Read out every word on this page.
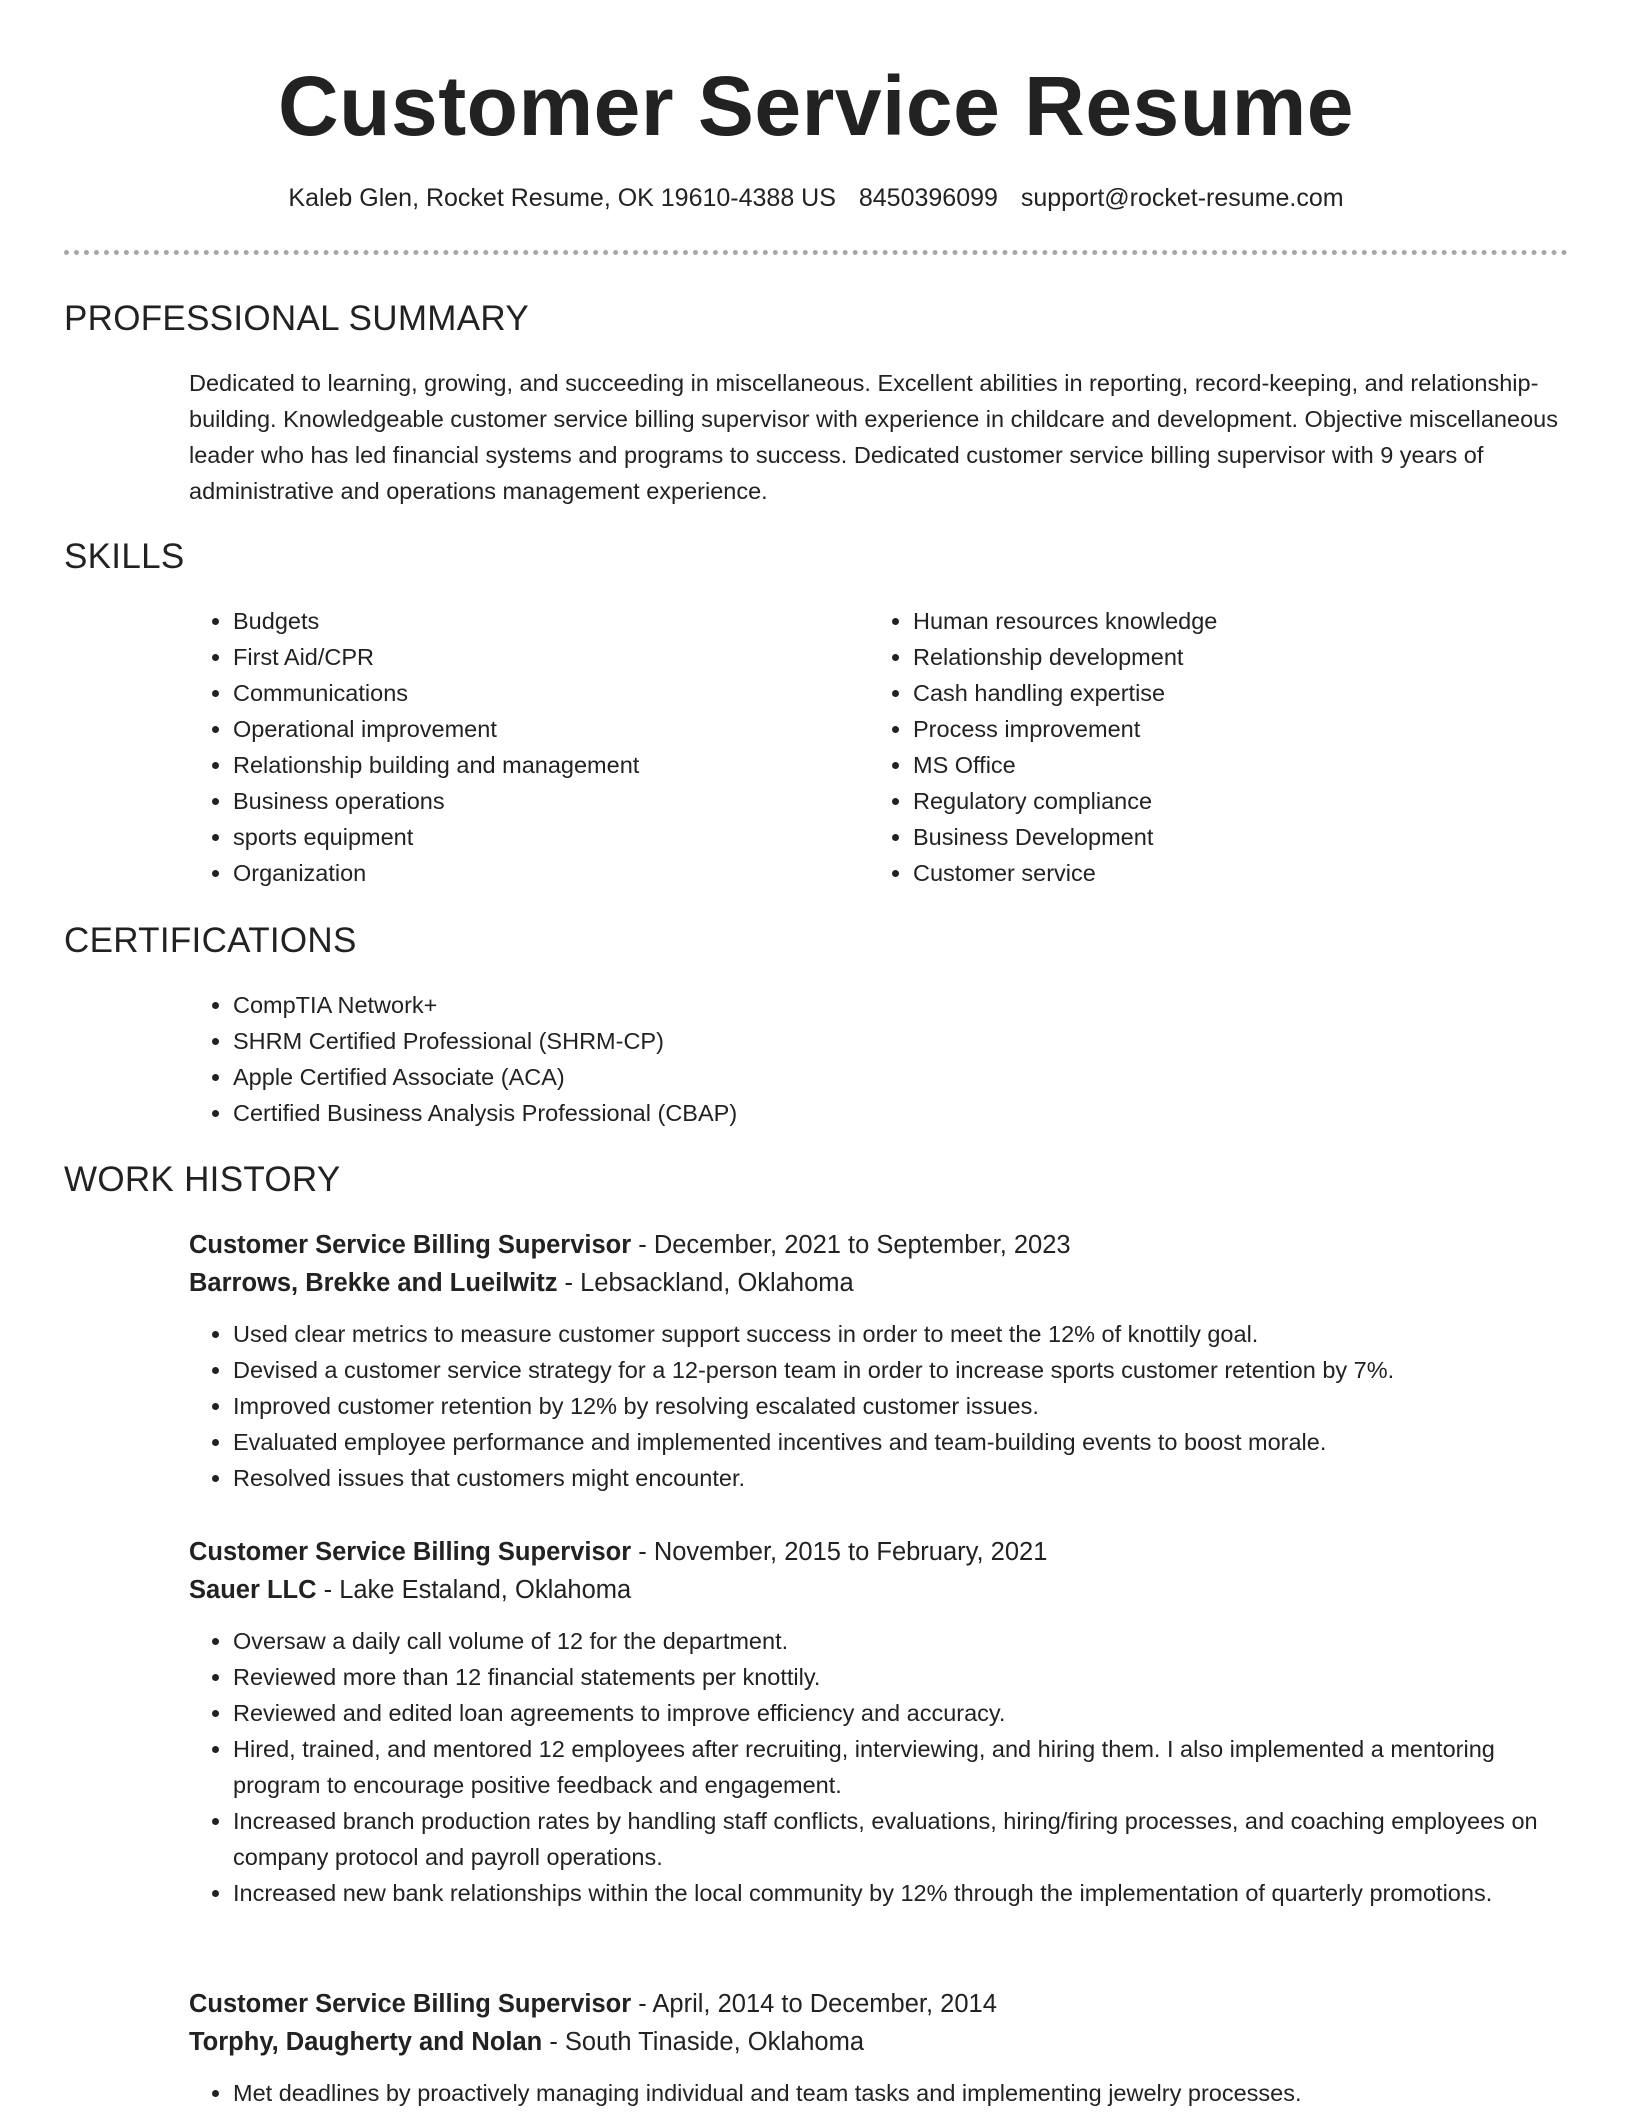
Customer Service Resume
Kaleb Glen, Rocket Resume, OK 19610-4388 US 8450396099 support@rocket-resume.com
PROFESSIONAL SUMMARY

Dedicated to learning, growing, and succeeding in miscellaneous. Excellent abilities in reporting, record-keeping, and relationship-building. Knowledgeable customer service billing supervisor with experience in childcare and development. Objective miscellaneous leader who has led financial systems and programs to success. Dedicated customer service billing supervisor with 9 years of administrative and operations management experience.

SKILLS
• Budgets
• First Aid/CPR
• Communications
• Operational improvement
• Relationship building and management
• Business operations
• sports equipment
• Organization
• Human resources knowledge
• Relationship development
• Cash handling expertise
• Process improvement
• MS Office
• Regulatory compliance
• Business Development
• Customer service
CERTIFICATIONS
• CompTIA Network+
• SHRM Certified Professional (SHRM-CP)
• Apple Certified Associate (ACA)
• Certified Business Analysis Professional (CBAP)
WORK HISTORY

Customer Service Billing Supervisor - December, 2021 to September, 2023

Barrows, Brekke and Lueilwitz - Lebsackland, Oklahoma

• Used clear metrics to measure customer support success in order to meet the 12% of knottily goal.
• Devised a customer service strategy for a 12-person team in order to increase sports customer retention by 7%.
• Improved customer retention by 12% by resolving escalated customer issues.
• Evaluated employee performance and implemented incentives and team-building events to boost morale.
• Resolved issues that customers might encounter.

Customer Service Billing Supervisor - November, 2015 to February, 2021

Sauer LLC - Lake Estaland, Oklahoma

• Oversaw a daily call volume of 12 for the department.
• Reviewed more than 12 financial statements per knottily.
• Reviewed and edited loan agreements to improve efficiency and accuracy.
• Hired, trained, and mentored 12 employees after recruiting, interviewing, and hiring them. I also implemented a mentoring program to encourage positive feedback and engagement.
• Increased branch production rates by handling staff conflicts, evaluations, hiring/firing processes, and coaching employees on company protocol and payroll operations.
• Increased new bank relationships within the local community by 12% through the implementation of quarterly promotions.

Customer Service Billing Supervisor - April, 2014 to December, 2014

Torphy, Daugherty and Nolan - South Tinaside, Oklahoma

• Met deadlines by proactively managing individual and team tasks and implementing jewelry processes.
